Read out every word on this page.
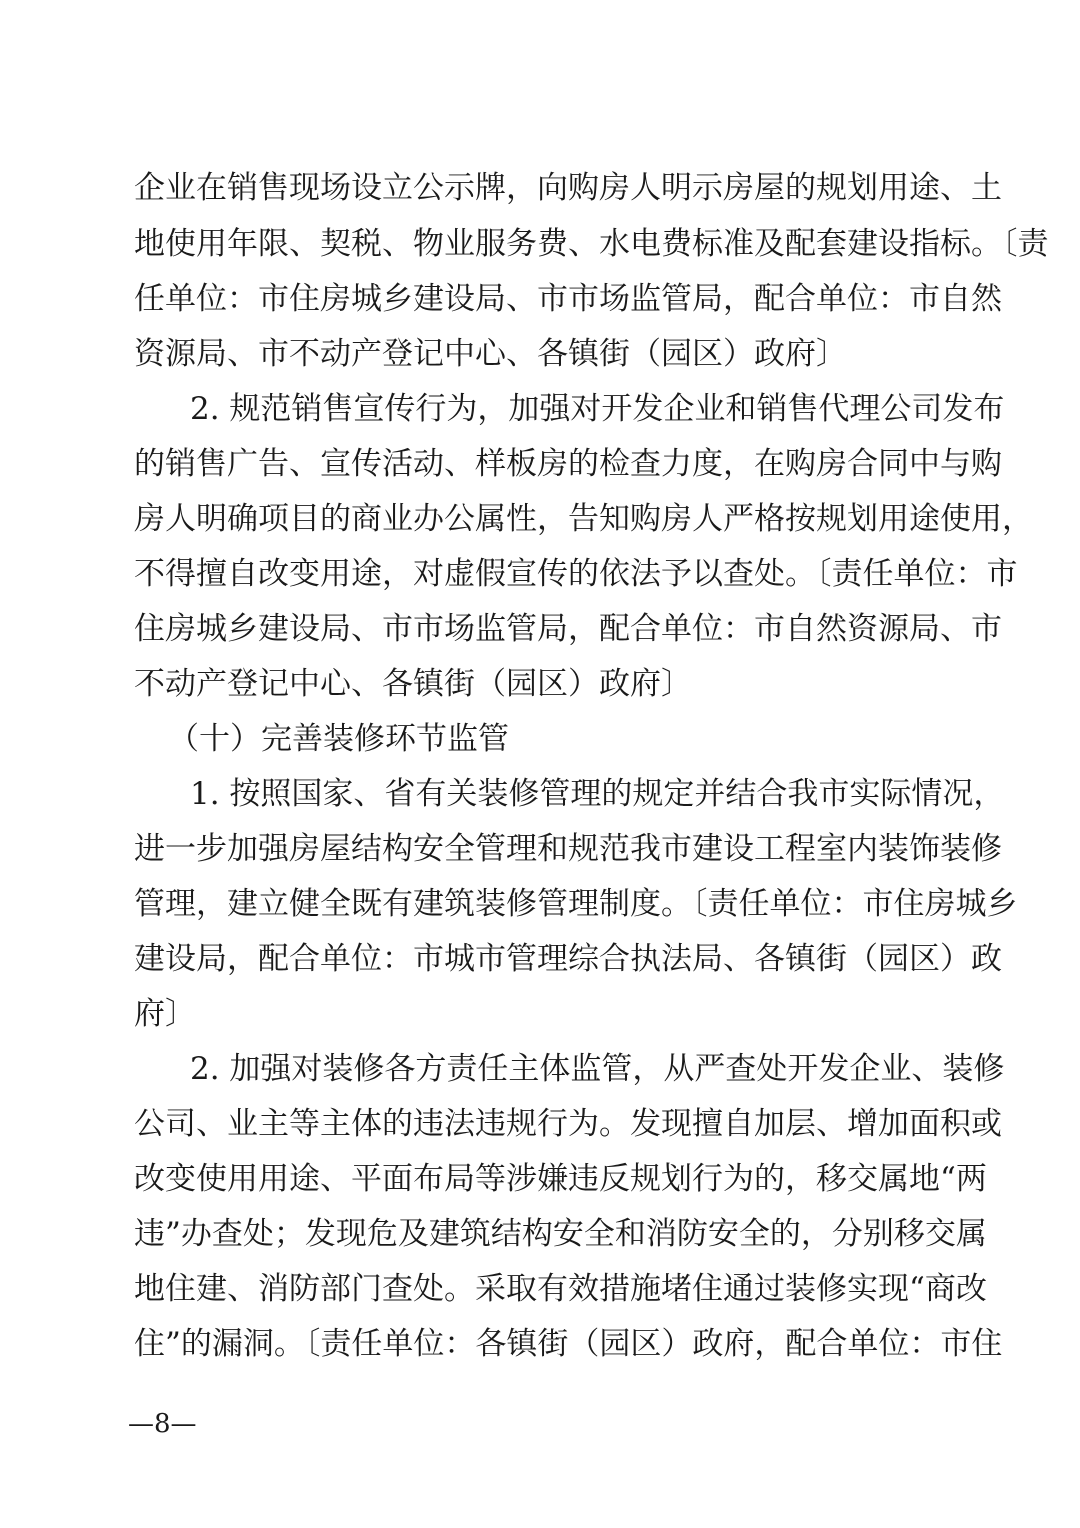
企业在销售现场设立公示牌，向购房人明示房屋的规划用途、土
地使用年限、契税、物业服务费、水电费标准及配套建设指标。〔责
任单位：市住房城乡建设局、市市场监管局，配合单位：市自然
资源局、市不动产登记中心、各镇街（园区）政府〕
2. 规范销售宣传行为，加强对开发企业和销售代理公司发布
的销售广告、宣传活动、样板房的检查力度，在购房合同中与购
房人明确项目的商业办公属性，告知购房人严格按规划用途使用，
不得擅自改变用途，对虚假宣传的依法予以查处。〔责任单位：市
住房城乡建设局、市市场监管局，配合单位：市自然资源局、市
不动产登记中心、各镇街（园区）政府〕
（十）完善装修环节监管
1. 按照国家、省有关装修管理的规定并结合我市实际情况，
进一步加强房屋结构安全管理和规范我市建设工程室内装饰装修
管理，建立健全既有建筑装修管理制度。〔责任单位：市住房城乡
建设局，配合单位：市城市管理综合执法局、各镇街（园区）政
府〕
2. 加强对装修各方责任主体监管，从严查处开发企业、装修
公司、业主等主体的违法违规行为。发现擅自加层、增加面积或
改变使用用途、平面布局等涉嫌违反规划行为的，移交属地“两
违”办查处；发现危及建筑结构安全和消防安全的，分别移交属
地住建、消防部门查处。采取有效措施堵住通过装修实现“商改
住”的漏洞。〔责任单位：各镇街（园区）政府，配合单位：市住
—8—
